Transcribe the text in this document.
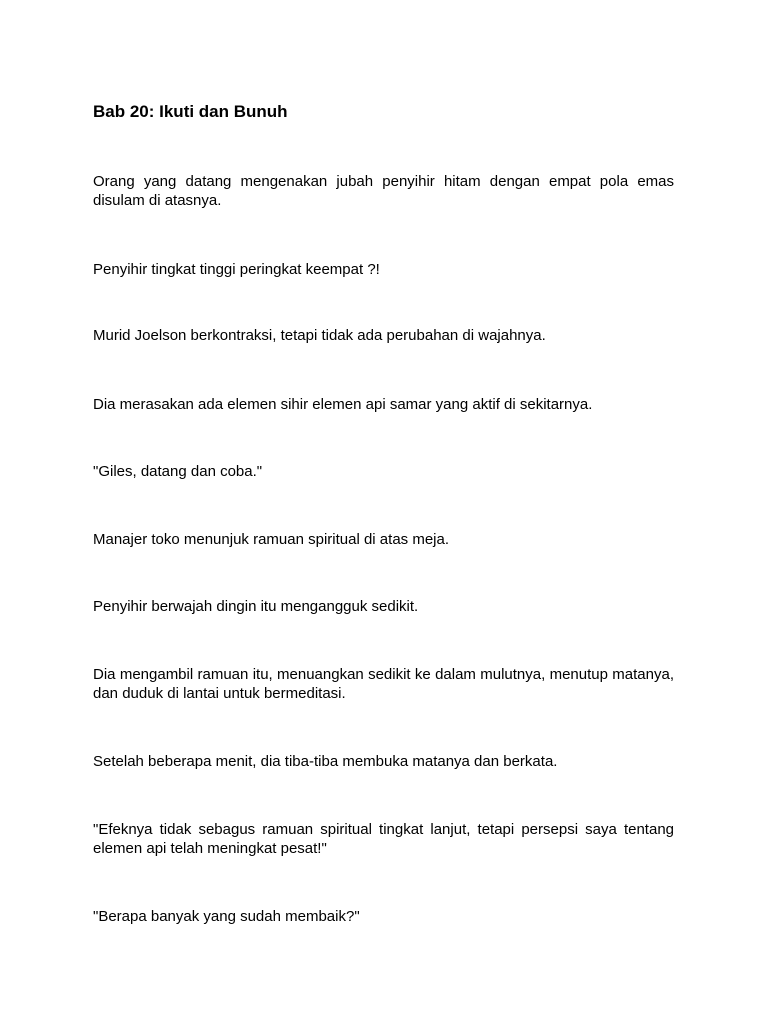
Bab 20: Ikuti dan Bunuh

Orang yang datang mengenakan jubah penyihir hitam dengan empat pola emas disulam di atasnya.

Penyihir tingkat tinggi peringkat keempat ?!

Murid Joelson berkontraksi, tetapi tidak ada perubahan di wajahnya.

Dia merasakan ada elemen sihir elemen api samar yang aktif di sekitarnya.

"Giles, datang dan coba."

Manajer toko menunjuk ramuan spiritual di atas meja.

Penyihir berwajah dingin itu mengangguk sedikit.

Dia mengambil ramuan itu, menuangkan sedikit ke dalam mulutnya, menutup matanya, dan duduk di lantai untuk bermeditasi.

Setelah beberapa menit, dia tiba-tiba membuka matanya dan berkata.

"Efeknya tidak sebagus ramuan spiritual tingkat lanjut, tetapi persepsi saya tentang elemen api telah meningkat pesat!"

"Berapa banyak yang sudah membaik?"
